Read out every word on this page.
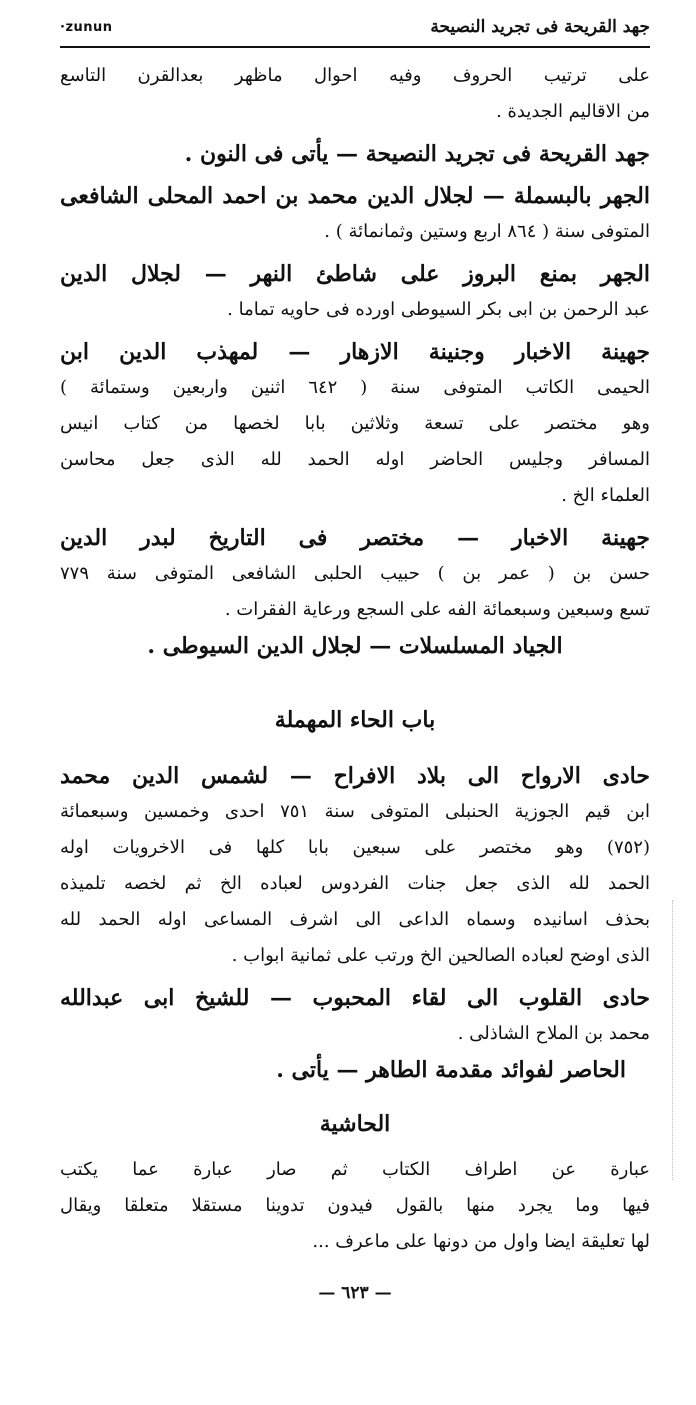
جهد القريحة فى تجريد النصيحة
·zunun
على ترتيب الحروف وفيه احوال ماظهر بعدالقرن التاسع
من الاقاليم الجديدة .
جهد القريحة فى تجريد النصيحة — يأتى فى النون .
الجهر بالبسملة — لجلال الدين محمد بن احمد المحلى الشافعى
المتوفى سنة ( ٨٦٤ اربع وستين وثمانمائة ) .
الجهر بمنع البروز على شاطئ النهر — لجلال الدين
عبد الرحمن بن ابى بكر السيوطى اورده فى حاويه تماما .
جهينة الاخبار وجنينة الازهار — لمهذب الدين ابن
الحيمى الكاتب المتوفى سنة ( ٦٤٢ اثنين واربعين وستمائة )
وهو مختصر على تسعة وثلاثين بابا لخصها من كتاب انيس
المسافر وجليس الحاضر اوله الحمد لله الذى جعل محاسن
العلماء الخ .
جهينة الاخبار — مختصر فى التاريخ لبدر الدين
حسن بن ( عمر بن ) حبيب الحلبى الشافعى المتوفى سنة ٧٧٩
تسع وسبعين وسبعمائة الفه على السجع ورعاية الفقرات .
الجياد المسلسلات — لجلال الدين السيوطى .
باب الحاء المهملة
حادى الارواح الى بلاد الافراح — لشمس الدين محمد
ابن قيم الجوزية الحنبلى المتوفى سنة ٧٥١ احدى وخمسين وسبعمائة
(٧٥٢) وهو مختصر على سبعين بابا كلها فى الاخرويات اوله
الحمد لله الذى جعل جنات الفردوس لعباده الخ ثم لخصه تلميذه
بحذف اسانيده وسماه الداعى الى اشرف المساعى اوله الحمد لله
الذى اوضح لعباده الصالحين الخ ورتب على ثمانية ابواب .
حادى القلوب الى لقاء المحبوب — للشيخ ابى عبدالله
محمد بن الملاح الشاذلى .
الحاصر لفوائد مقدمة الطاهر — يأتى .
الحاشية
عبارة عن اطراف الكتاب ثم صار عبارة عما يكتب
فيها وما يجرد منها بالقول فيدون تدوينا مستقلا متعلقا ويقال
لها تعليقة ايضا واول من دونها على ماعرف ...
— ٦٢٣ —
